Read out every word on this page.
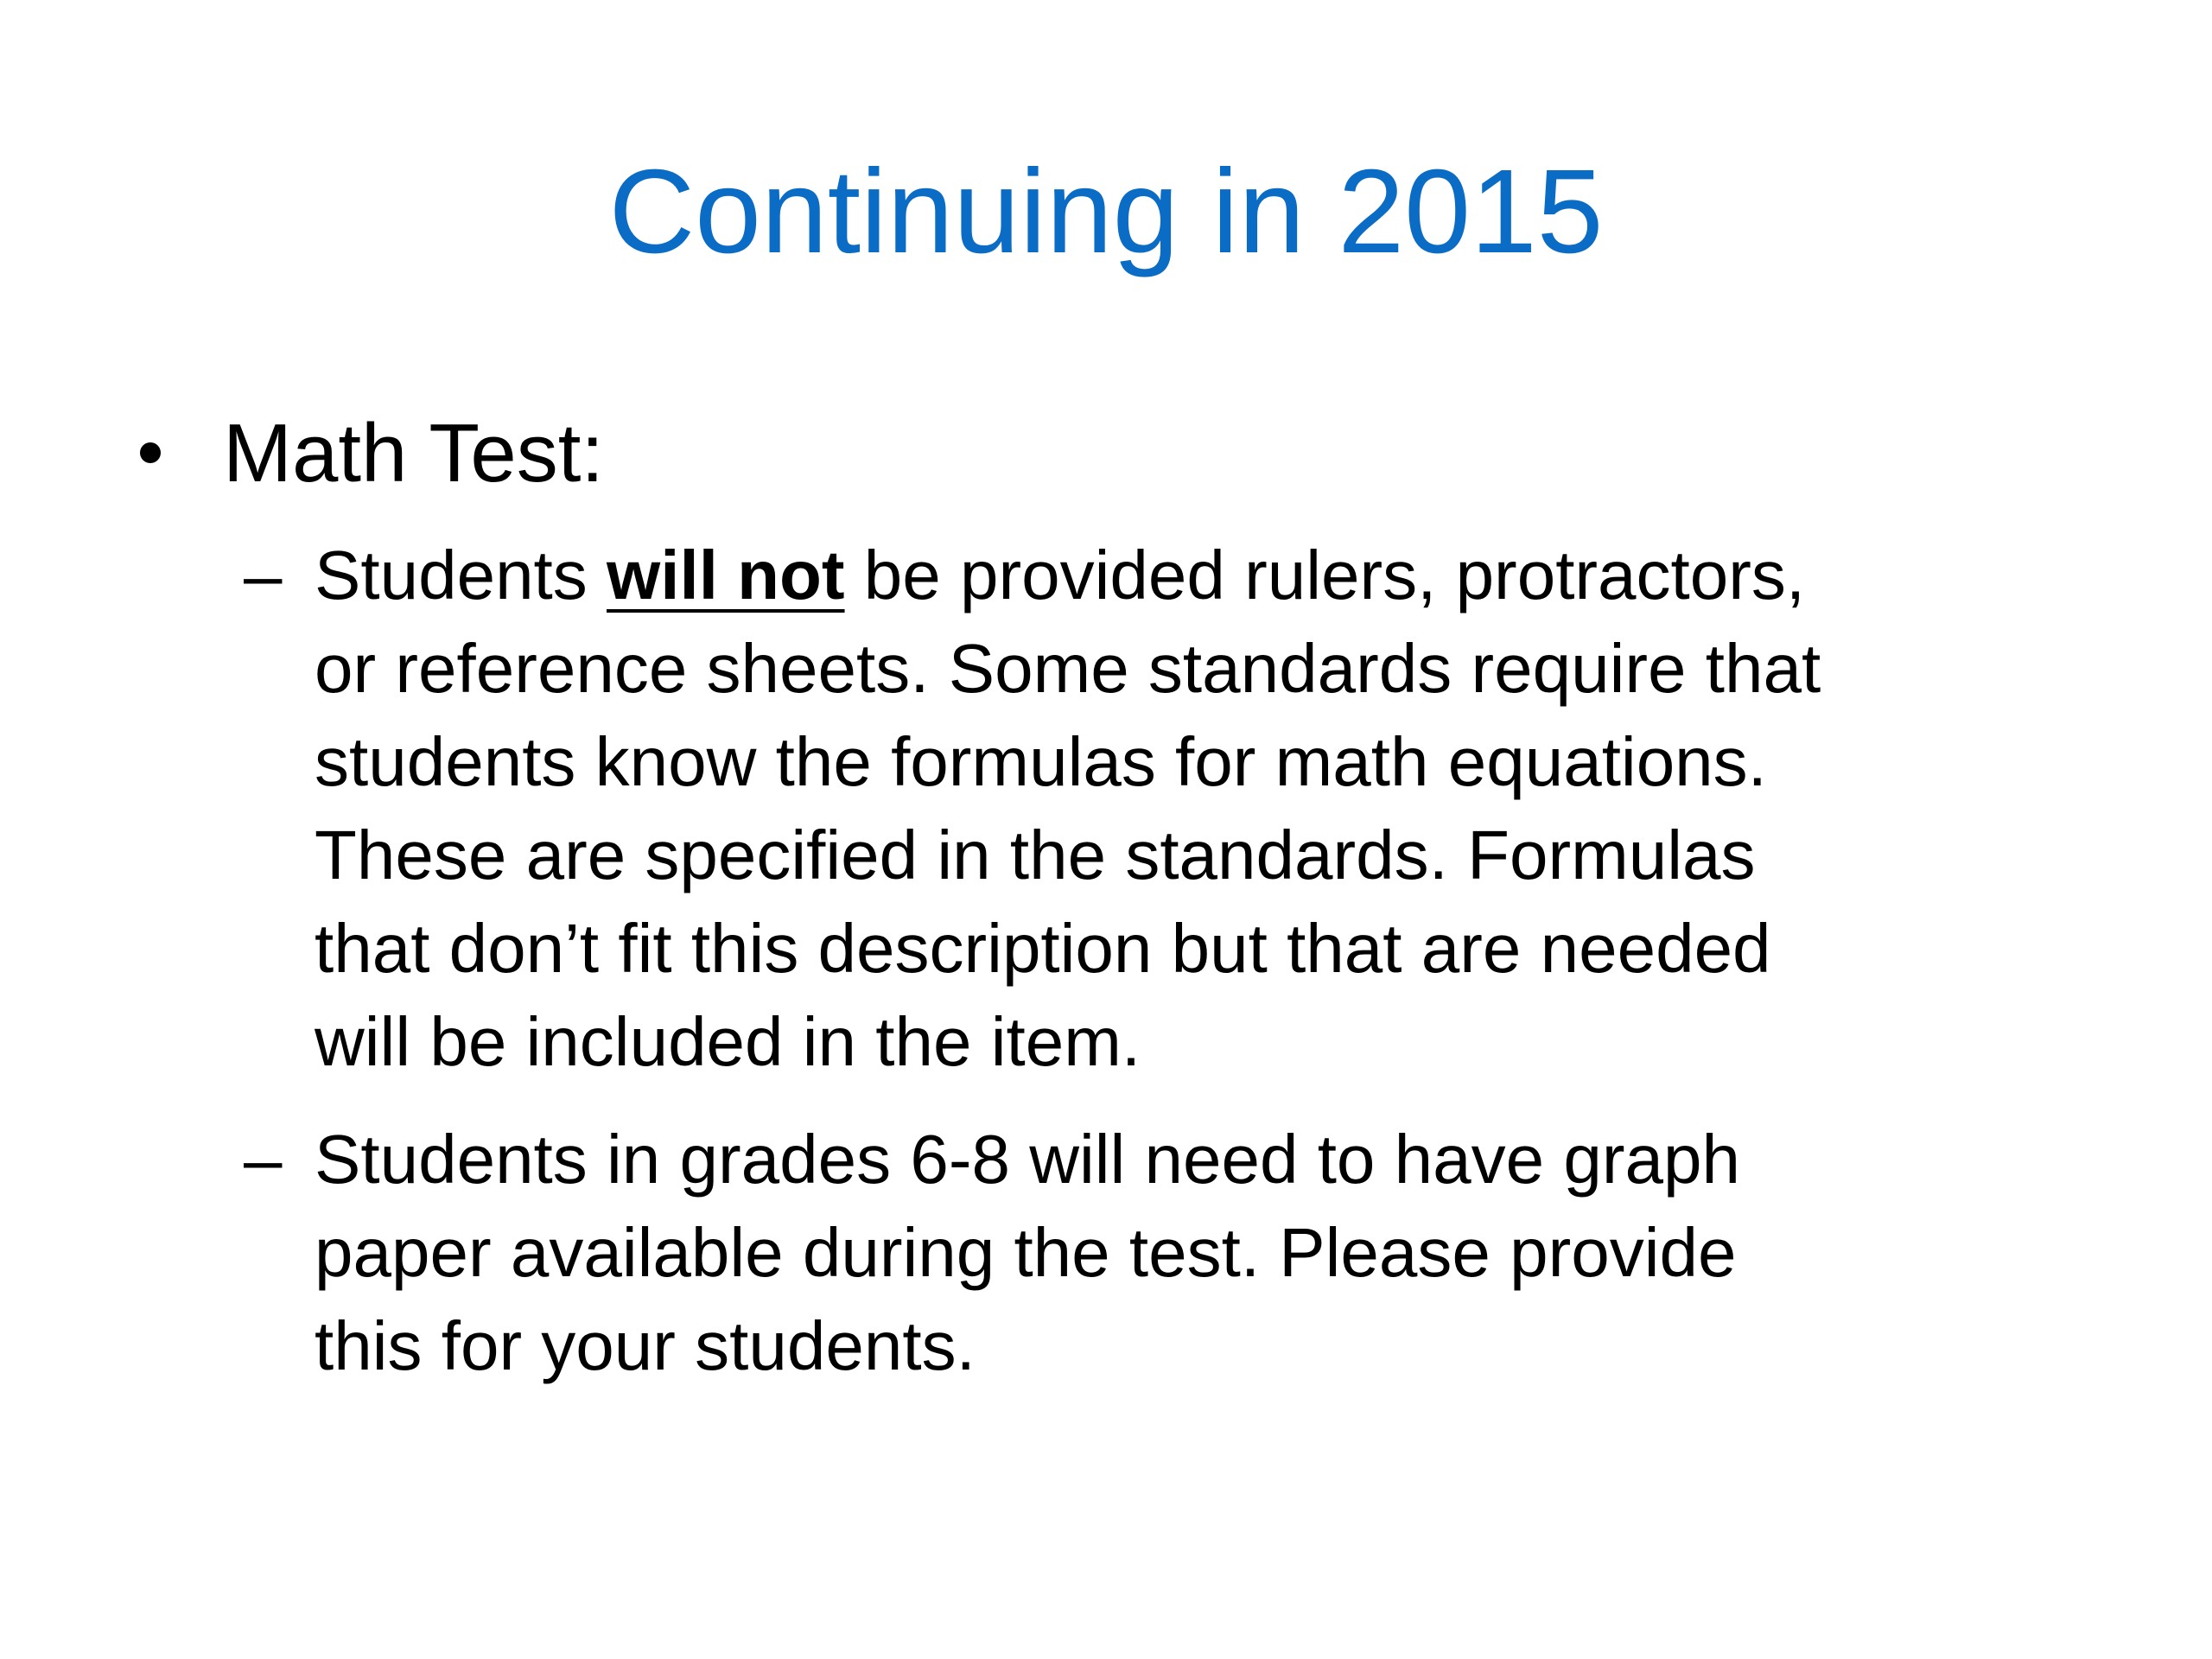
Continuing in 2015
Math Test:
– Students will not be provided rulers, protractors,
or reference sheets. Some standards require that
students know the formulas for math equations.
These are specified in the standards. Formulas
that don’t fit this description but that are needed
will be included in the item.
– Students in grades 6-8 will need to have graph
paper available during the test. Please provide
this for your students.
